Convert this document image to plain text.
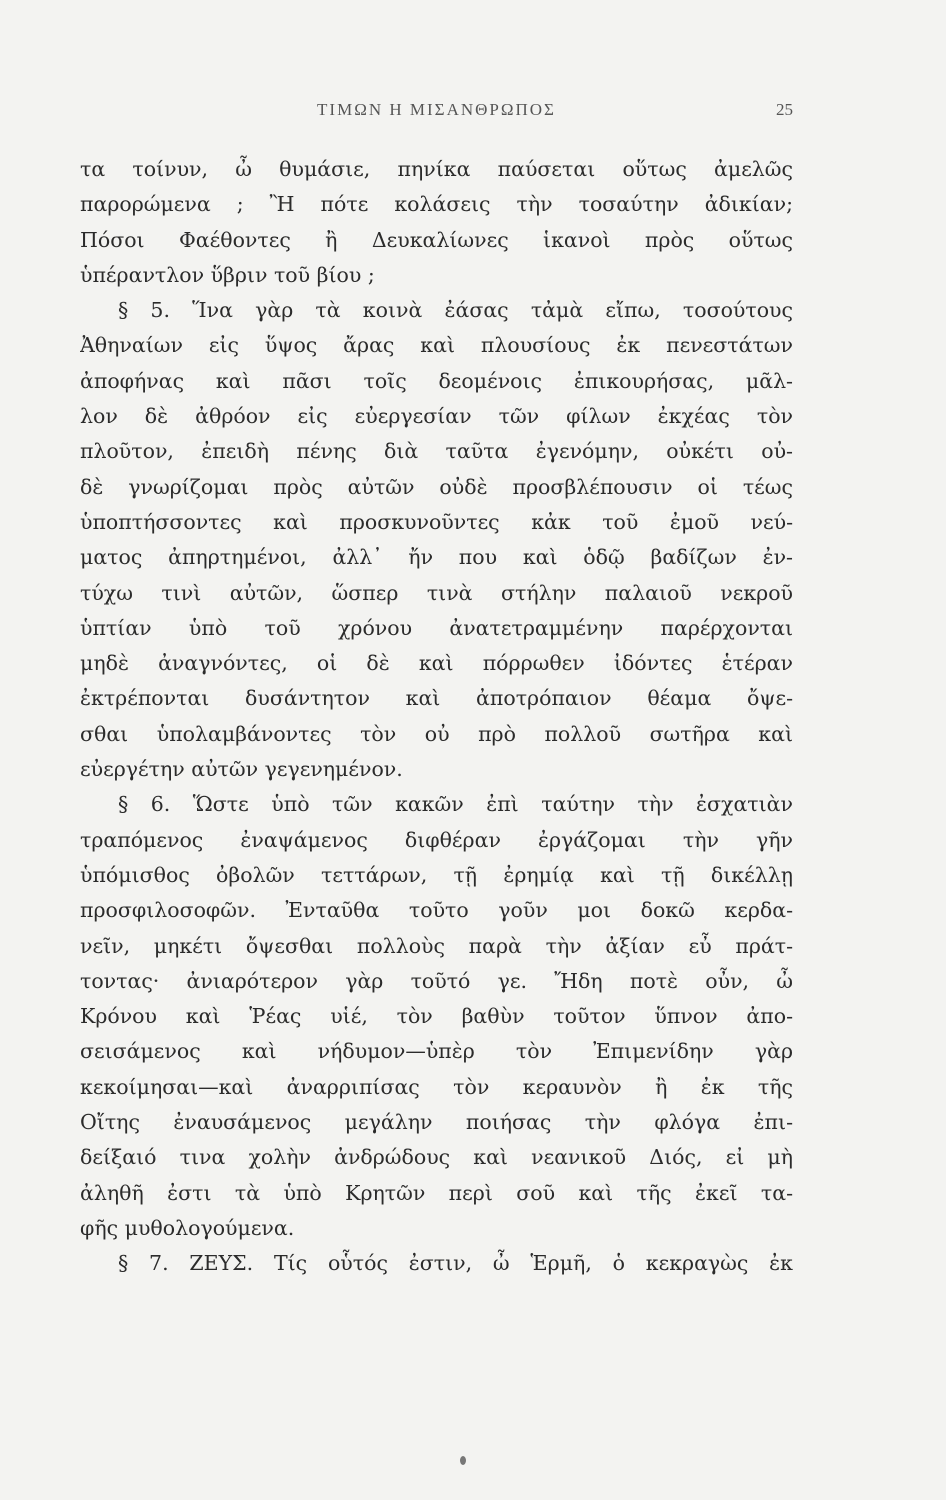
ΤΙΜΩΝ Η ΜΙΣΑΝΘΡΩΠΟΣ	25
τα τοίνυν, ὦ θυμάσιε, πηνίκα παύσεται οὕτως ἀμελῶς
παρορώμενα ; Ἢ πότε κολάσεις τὴν τοσαύτην ἀδικίαν;
Πόσοι Φαέθοντες ἢ Δευκαλίωνες ἱκανοὶ πρὸς οὕτως
ὑπέραντλον ὕβριν τοῦ βίου ;
§ 5. Ἵνα γὰρ τὰ κοινὰ ἐάσας τἀμὰ εἴπω, τοσούτους
Ἀθηναίων εἰς ὕψος ἄρας καὶ πλουσίους ἐκ πενεστάτων
ἀποφήνας καὶ πᾶσι τοῖς δεομένοις ἐπικουρήσας, μᾶλ-
λον δὲ ἀθρόον εἰς εὐεργεσίαν τῶν φίλων ἐκχέας τὸν
πλοῦτον, ἐπειδὴ πένης διὰ ταῦτα ἐγενόμην, οὐκέτι οὐ-
δὲ γνωρίζομαι πρὸς αὐτῶν οὐδὲ προσβλέπουσιν οἱ τέως
ὑποπτήσσοντες καὶ προσκυνοῦντες κἀκ τοῦ ἐμοῦ νεύ-
ματος ἀπηρτημένοι, ἀλλ᾽ ἤν που καὶ ὁδῷ βαδίζων ἐν-
τύχω τινὶ αὐτῶν, ὥσπερ τινὰ στήλην παλαιοῦ νεκροῦ
ὑπτίαν ὑπὸ τοῦ χρόνου ἀνατετραμμένην παρέρχονται
μηδὲ ἀναγνόντες, οἱ δὲ καὶ πόρρωθεν ἰδόντες ἑτέραν
ἐκτρέπονται δυσάντητον καὶ ἀποτρόπαιον θέαμα ὄψε-
σθαι ὑπολαμβάνοντες τὸν οὐ πρὸ πολλοῦ σωτῆρα καὶ
εὐεργέτην αὐτῶν γεγενημένον.
§ 6. Ὥστε ὑπὸ τῶν κακῶν ἐπὶ ταύτην τὴν ἐσχατιὰν
τραπόμενος ἐναψάμενος διφθέραν ἐργάζομαι τὴν γῆν
ὑπόμισθος ὀβολῶν τεττάρων, τῇ ἐρημίᾳ καὶ τῇ δικέλλῃ
προσφιλοσοφῶν. Ἐνταῦθα τοῦτο γοῦν μοι δοκῶ κερδα-
νεῖν, μηκέτι ὄψεσθαι πολλοὺς παρὰ τὴν ἀξίαν εὖ πράτ-
τοντας· ἀνιαρότερον γὰρ τοῦτό γε. Ἤδη ποτὲ οὖν, ὦ
Κρόνου καὶ Ῥέας υἱέ, τὸν βαθὺν τοῦτον ὕπνον ἀπο-
σεισάμενος καὶ νήδυμον—ὑπὲρ τὸν Ἐπιμενίδην γὰρ
κεκοίμησαι—καὶ ἀναρριπίσας τὸν κεραυνὸν ἢ ἐκ τῆς
Οἴτης ἐναυσάμενος μεγάλην ποιήσας τὴν φλόγα ἐπι-
δείξαιό τινα χολὴν ἀνδρώδους καὶ νεανικοῦ Διός, εἰ μὴ
ἀληθῆ ἐστι τὰ ὑπὸ Κρητῶν περὶ σοῦ καὶ τῆς ἐκεῖ τα-
φῆς μυθολογούμενα.
§ 7. ΖΕΥΣ. Τίς οὗτός ἐστιν, ὦ Ἑρμῆ, ὁ κεκραγὼς ἐκ
